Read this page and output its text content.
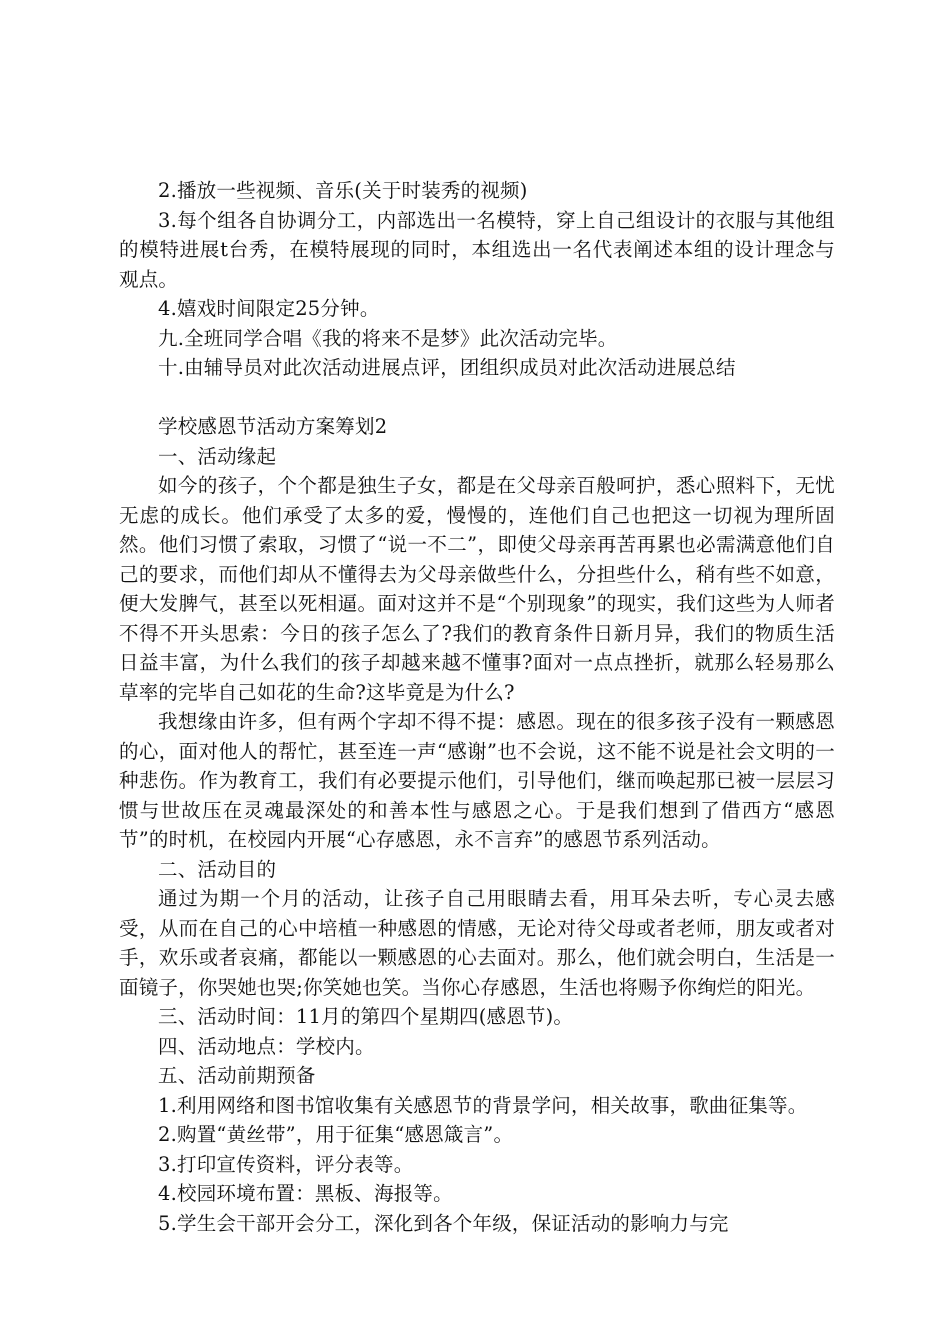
2.播放一些视频、音乐(关于时装秀的视频)

3.每个组各自协调分工，内部选出一名模特，穿上自己组设计的衣服与其他组的模特进展t台秀，在模特展现的同时，本组选出一名代表阐述本组的设计理念与观点。

4.嬉戏时间限定25分钟。

九.全班同学合唱《我的将来不是梦》此次活动完毕。

十.由辅导员对此次活动进展点评，团组织成员对此次活动进展总结

学校感恩节活动方案筹划2

一、活动缘起

如今的孩子，个个都是独生子女，都是在父母亲百般呵护，悉心照料下，无忧无虑的成长。他们承受了太多的爱，慢慢的，连他们自己也把这一切视为理所固然。他们习惯了索取，习惯了“说一不二”，即使父母亲再苦再累也必需满意他们自己的要求，而他们却从不懂得去为父母亲做些什么，分担些什么，稍有些不如意，便大发脾气，甚至以死相逼。面对这并不是“个别现象”的现实，我们这些为人师者不得不开头思索：今日的孩子怎么了?我们的教育条件日新月异，我们的物质生活日益丰富，为什么我们的孩子却越来越不懂事?面对一点点挫折，就那么轻易那么草率的完毕自己如花的生命?这毕竟是为什么?

我想缘由许多，但有两个字却不得不提：感恩。现在的很多孩子没有一颗感恩的心，面对他人的帮忙，甚至连一声“感谢”也不会说，这不能不说是社会文明的一种悲伤。作为教育工，我们有必要提示他们，引导他们，继而唤起那已被一层层习惯与世故压在灵魂最深处的和善本性与感恩之心。于是我们想到了借西方“感恩节”的时机，在校园内开展“心存感恩，永不言弃”的感恩节系列活动。

二、活动目的

通过为期一个月的活动，让孩子自己用眼睛去看，用耳朵去听，专心灵去感受，从而在自己的心中培植一种感恩的情感，无论对待父母或者老师，朋友或者对手，欢乐或者哀痛，都能以一颗感恩的心去面对。那么，他们就会明白，生活是一面镜子，你哭她也哭;你笑她也笑。当你心存感恩，生活也将赐予你绚烂的阳光。

三、活动时间：11月的第四个星期四(感恩节)。

四、活动地点：学校内。

五、活动前期预备

1.利用网络和图书馆收集有关感恩节的背景学问，相关故事，歌曲征集等。

2.购置“黄丝带”，用于征集“感恩箴言”。

3.打印宣传资料，评分表等。

4.校园环境布置：黑板、海报等。

5.学生会干部开会分工，深化到各个年级，保证活动的影响力与完
